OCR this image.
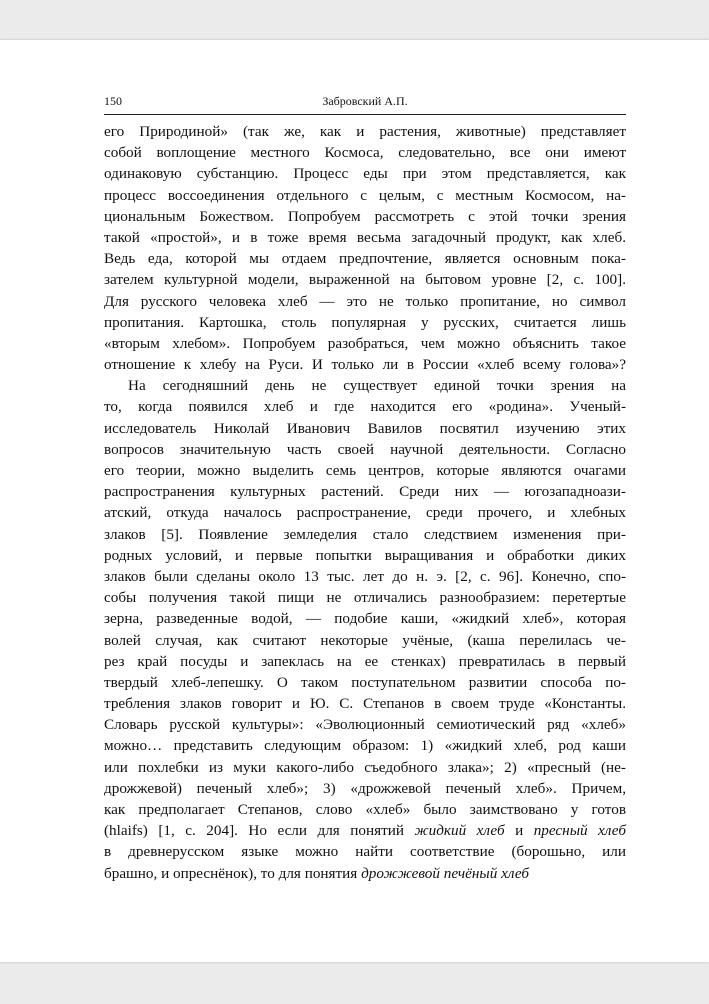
150	Забровский А.П.
его Природиной» (так же, как и растения, животные) представляет
собой воплощение местного Космоса, следовательно, все они имеют
одинаковую субстанцию. Процесс еды при этом представляется, как
процесс воссоединения отдельного с целым, с местным Космосом, на-
циональным Божеством. Попробуем рассмотреть с этой точки зрения
такой «простой», и в тоже время весьма загадочный продукт, как хлеб.
Ведь еда, которой мы отдаем предпочтение, является основным пока-
зателем культурной модели, выраженной на бытовом уровне [2, с. 100].
Для русского человека хлеб — это не только пропитание, но символ
пропитания. Картошка, столь популярная у русских, считается лишь
«вторым хлебом». Попробуем разобраться, чем можно объяснить такое
отношение к хлебу на Руси. И только ли в России «хлеб всему голова»?
На сегодняшний день не существует единой точки зрения на
то, когда появился хлеб и где находится его «родина». Ученый-
исследователь Николай Иванович Вавилов посвятил изучению этих
вопросов значительную часть своей научной деятельности. Согласно
его теории, можно выделить семь центров, которые являются очагами
распространения культурных растений. Среди них — югозападноази-
атский, откуда началось распространение, среди прочего, и хлебных
злаков [5]. Появление земледелия стало следствием изменения при-
родных условий, и первые попытки выращивания и обработки диких
злаков были сделаны около 13 тыс. лет до н. э. [2, с. 96]. Конечно, спо-
собы получения такой пищи не отличались разнообразием: перетертые
зерна, разведенные водой, — подобие каши, «жидкий хлеб», которая
волей случая, как считают некоторые учёные, (каша перелилась че-
рез край посуды и запеклась на ее стенках) превратилась в первый
твердый хлеб-лепешку. О таком поступательном развитии способа по-
требления злаков говорит и Ю. С. Степанов в своем труде «Константы.
Словарь русской культуры»: «Эволюционный семиотический ряд «хлеб»
можно… представить следующим образом: 1) «жидкий хлеб, род каши
или похлебки из муки какого-либо съедобного злака»; 2) «пресный (не-
дрожжевой) печеный хлеб»; 3) «дрожжевой печеный хлеб». Причем,
как предполагает Степанов, слово «хлеб» было заимствовано у готов
(hlaifs) [1, с. 204]. Но если для понятий жидкий хлеб и пресный хлеб
в древнерусском языке можно найти соответствие (борошьно, или
брашно, и опреснёнок), то для понятия дрожжевой печёный хлеб
